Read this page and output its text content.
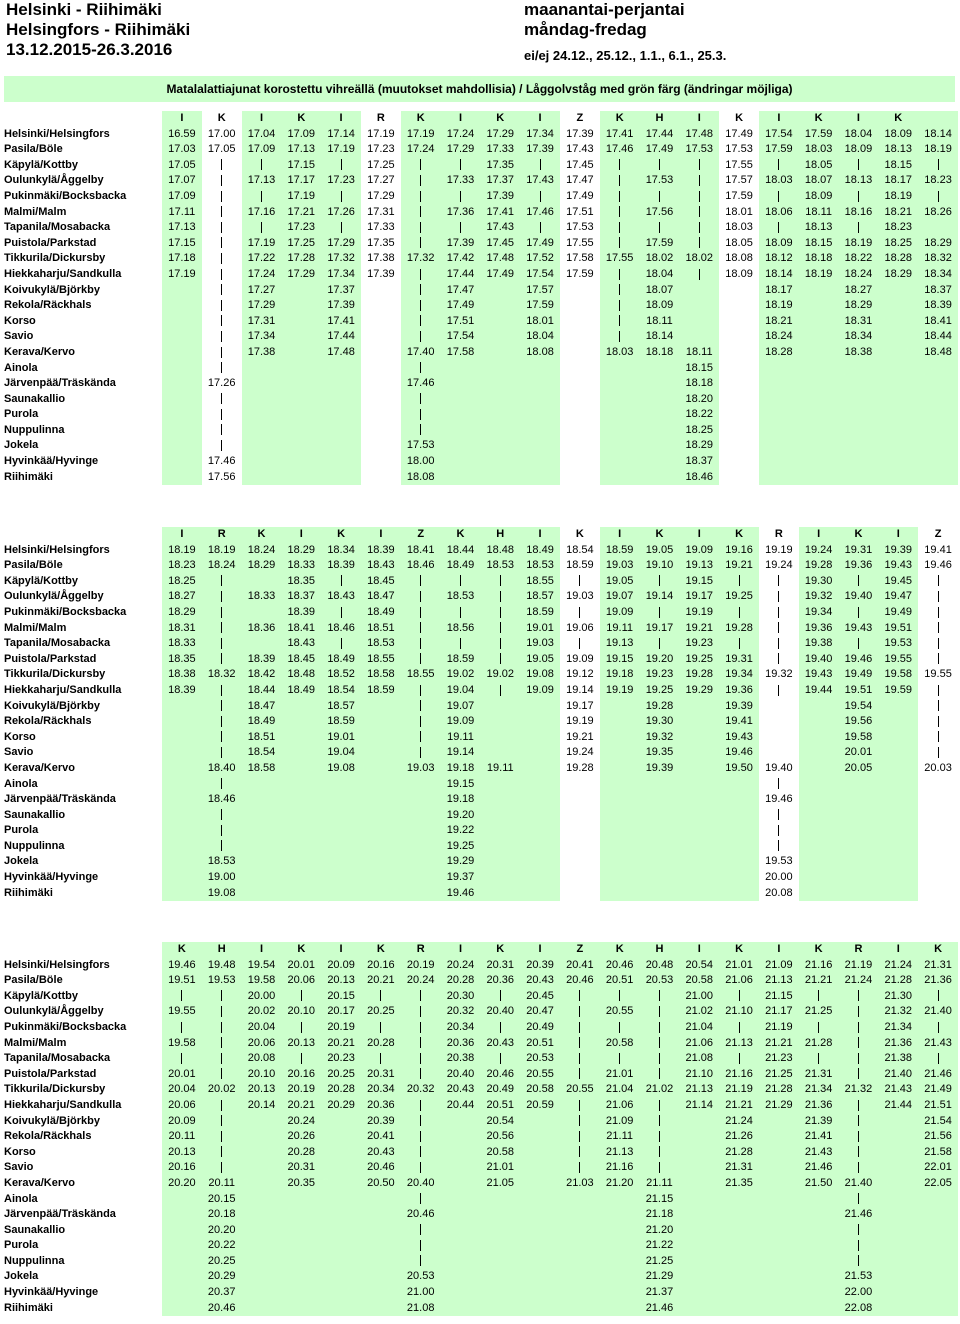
Helsinki - Riihimäki
Helsingfors - Riihimäki
13.12.2015-26.3.2016
maanantai-perjantai
måndag-fredag
ei/ej 24.12., 25.12., 1.1., 6.1., 25.3.
Matalalattiajunat korostettu vihreällä (muutokset mahdollisia) / Låggolvståg med grön färg (ändringar möjliga)
	I	K	I	K	I	R	K	I	K	I	Z	K	H	I	K	I	K	I	K	
Helsinki/Helsingfors	16.59	17.00	17.04	17.09	17.14	17.19	17.19	17.24	17.29	17.34	17.39	17.41	17.44	17.48	17.49	17.54	17.59	18.04	18.09	18.14
Pasila/Böle	17.03	17.05	17.09	17.13	17.19	17.23	17.24	17.29	17.33	17.39	17.43	17.46	17.49	17.53	17.53	17.59	18.03	18.09	18.13	18.19
Käpylä/Kottby	17.05			17.15		17.25			17.35		17.45				17.55		18.05		18.15	
Oulunkylä/Åggelby	17.07		17.13	17.17	17.23	17.27		17.33	17.37	17.43	17.47		17.53		17.57	18.03	18.07	18.13	18.17	18.23
Pukinmäki/Bocksbacka	17.09			17.19		17.29			17.39		17.49				17.59		18.09		18.19	
Malmi/Malm	17.11		17.16	17.21	17.26	17.31		17.36	17.41	17.46	17.51		17.56		18.01	18.06	18.11	18.16	18.21	18.26
Tapanila/Mosabacka	17.13			17.23		17.33			17.43		17.53				18.03		18.13		18.23	
Puistola/Parkstad	17.15		17.19	17.25	17.29	17.35		17.39	17.45	17.49	17.55		17.59		18.05	18.09	18.15	18.19	18.25	18.29
Tikkurila/Dickursby	17.18		17.22	17.28	17.32	17.38	17.32	17.42	17.48	17.52	17.58	17.55	18.02	18.02	18.08	18.12	18.18	18.22	18.28	18.32
Hiekkaharju/Sandkulla	17.19		17.24	17.29	17.34	17.39		17.44	17.49	17.54	17.59		18.04		18.09	18.14	18.19	18.24	18.29	18.34
Koivukylä/Björkby			17.27		17.37			17.47		17.57			18.07			18.17		18.27		18.37
Rekola/Räckhals			17.29		17.39			17.49		17.59			18.09			18.19		18.29		18.39
Korso			17.31		17.41			17.51		18.01			18.11			18.21		18.31		18.41
Savio			17.34		17.44			17.54		18.04			18.14			18.24		18.34		18.44
Kerava/Kervo			17.38		17.48		17.40	17.58		18.08		18.03	18.18	18.11		18.28		18.38		18.48
Ainola														18.15						
Järvenpää/Träskända		17.26					17.46							18.18						
Saunakallio														18.20						
Purola														18.22						
Nuppulinna														18.25						
Jokela							17.53							18.29						
Hyvinkää/Hyvinge		17.46					18.00							18.37						
Riihimäki		17.56					18.08							18.46						
	I	R	K	I	K	I	Z	K	H	I	K	I	K	I	K	R	I	K	I	Z
Helsinki/Helsingfors	18.19	18.19	18.24	18.29	18.34	18.39	18.41	18.44	18.48	18.49	18.54	18.59	19.05	19.09	19.16	19.19	19.24	19.31	19.39	19.41
Pasila/Böle	18.23	18.24	18.29	18.33	18.39	18.43	18.46	18.49	18.53	18.53	18.59	19.03	19.10	19.13	19.21	19.24	19.28	19.36	19.43	19.46
Käpylä/Kottby	18.25			18.35		18.45				18.55		19.05		19.15			19.30		19.45	
Oulunkylä/Åggelby	18.27		18.33	18.37	18.43	18.47		18.53		18.57	19.03	19.07	19.14	19.17	19.25		19.32	19.40	19.47	
Pukinmäki/Bocksbacka	18.29			18.39		18.49				18.59		19.09		19.19			19.34		19.49	
Malmi/Malm	18.31		18.36	18.41	18.46	18.51		18.56		19.01	19.06	19.11	19.17	19.21	19.28		19.36	19.43	19.51	
Tapanila/Mosabacka	18.33			18.43		18.53				19.03		19.13		19.23			19.38		19.53	
Puistola/Parkstad	18.35		18.39	18.45	18.49	18.55		18.59		19.05	19.09	19.15	19.20	19.25	19.31		19.40	19.46	19.55	
Tikkurila/Dickursby	18.38	18.32	18.42	18.48	18.52	18.58	18.55	19.02	19.02	19.08	19.12	19.18	19.23	19.28	19.34	19.32	19.43	19.49	19.58	19.55
Hiekkaharju/Sandkulla	18.39		18.44	18.49	18.54	18.59		19.04		19.09	19.14	19.19	19.25	19.29	19.36		19.44	19.51	19.59	
Koivukylä/Björkby			18.47		18.57			19.07			19.17		19.28		19.39			19.54		
Rekola/Räckhals			18.49		18.59			19.09			19.19		19.30		19.41			19.56		
Korso			18.51		19.01			19.11			19.21		19.32		19.43			19.58		
Savio			18.54		19.04			19.14			19.24		19.35		19.46			20.01		
Kerava/Kervo		18.40	18.58		19.08		19.03	19.18	19.11		19.28		19.39		19.50	19.40		20.05		20.03
Ainola								19.15												
Järvenpää/Träskända		18.46						19.18								19.46				
Saunakallio								19.20												
Purola								19.22												
Nuppulinna								19.25												
Jokela		18.53						19.29								19.53				
Hyvinkää/Hyvinge		19.00						19.37								20.00				
Riihimäki		19.08						19.46								20.08				
	K	H	I	K	I	K	R	I	K	I	Z	K	H	I	K	I	K	R	I	K
Helsinki/Helsingfors	19.46	19.48	19.54	20.01	20.09	20.16	20.19	20.24	20.31	20.39	20.41	20.46	20.48	20.54	21.01	21.09	21.16	21.19	21.24	21.31
Pasila/Böle	19.51	19.53	19.58	20.06	20.13	20.21	20.24	20.28	20.36	20.43	20.46	20.51	20.53	20.58	21.06	21.13	21.21	21.24	21.28	21.36
Käpylä/Kottby			20.00		20.15			20.30		20.45				21.00		21.15			21.30	
Oulunkylä/Åggelby	19.55		20.02	20.10	20.17	20.25		20.32	20.40	20.47		20.55		21.02	21.10	21.17	21.25		21.32	21.40
Pukinmäki/Bocksbacka			20.04		20.19			20.34		20.49				21.04		21.19			21.34	
Malmi/Malm	19.58		20.06	20.13	20.21	20.28		20.36	20.43	20.51		20.58		21.06	21.13	21.21	21.28		21.36	21.43
Tapanila/Mosabacka			20.08		20.23			20.38		20.53				21.08		21.23			21.38	
Puistola/Parkstad	20.01		20.10	20.16	20.25	20.31		20.40	20.46	20.55		21.01		21.10	21.16	21.25	21.31		21.40	21.46
Tikkurila/Dickursby	20.04	20.02	20.13	20.19	20.28	20.34	20.32	20.43	20.49	20.58	20.55	21.04	21.02	21.13	21.19	21.28	21.34	21.32	21.43	21.49
Hiekkaharju/Sandkulla	20.06		20.14	20.21	20.29	20.36		20.44	20.51	20.59		21.06		21.14	21.21	21.29	21.36		21.44	21.51
Koivukylä/Björkby	20.09			20.24		20.39			20.54			21.09			21.24		21.39			21.54
Rekola/Räckhals	20.11			20.26		20.41			20.56			21.11			21.26		21.41			21.56
Korso	20.13			20.28		20.43			20.58			21.13			21.28		21.43			21.58
Savio	20.16			20.31		20.46			21.01			21.16			21.31		21.46			22.01
Kerava/Kervo	20.20	20.11		20.35		20.50	20.40		21.05		21.03	21.20	21.11		21.35		21.50	21.40		22.05
Ainola		20.15											21.15							
Järvenpää/Träskända		20.18					20.46						21.18					21.46		
Saunakallio		20.20											21.20							
Purola		20.22											21.22							
Nuppulinna		20.25											21.25							
Jokela		20.29					20.53						21.29					21.53		
Hyvinkää/Hyvinge		20.37					21.00						21.37					22.00		
Riihimäki		20.46					21.08						21.46					22.08		
